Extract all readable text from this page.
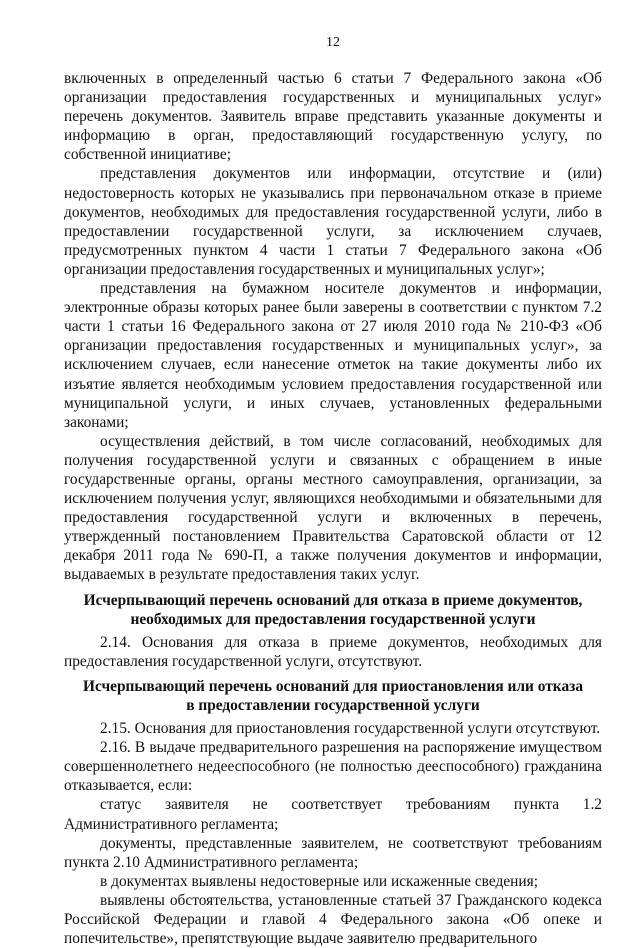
12

включенных в определенный частью 6 статьи 7 Федерального закона «Об организации предоставления государственных и муниципальных услуг» перечень документов. Заявитель вправе представить указанные документы и информацию в орган, предоставляющий государственную услугу, по собственной инициативе;

представления документов или информации, отсутствие и (или) недостоверность которых не указывались при первоначальном отказе в приеме документов, необходимых для предоставления государственной услуги, либо в предоставлении государственной услуги, за исключением случаев, предусмотренных пунктом 4 части 1 статьи 7 Федерального закона «Об организации предоставления государственных и муниципальных услуг»;

представления на бумажном носителе документов и информации, электронные образы которых ранее были заверены в соответствии с пунктом 7.2 части 1 статьи 16 Федерального закона от 27 июля 2010 года № 210-ФЗ «Об организации предоставления государственных и муниципальных услуг», за исключением случаев, если нанесение отметок на такие документы либо их изъятие является необходимым условием предоставления государственной или муниципальной услуги, и иных случаев, установленных федеральными законами;

осуществления действий, в том числе согласований, необходимых для получения государственной услуги и связанных с обращением в иные государственные органы, органы местного самоуправления, организации, за исключением получения услуг, являющихся необходимыми и обязательными для предоставления государственной услуги и включенных в перечень, утвержденный постановлением Правительства Саратовской области от 12 декабря 2011 года № 690-П, а также получения документов и информации, выдаваемых в результате предоставления таких услуг.

Исчерпывающий перечень оснований для отказа в приеме документов,
необходимых для предоставления государственной услуги

2.14. Основания для отказа в приеме документов, необходимых для предоставления государственной услуги, отсутствуют.

Исчерпывающий перечень оснований для приостановления или отказа
в предоставлении государственной услуги

2.15. Основания для приостановления государственной услуги отсутствуют.

2.16. В выдаче предварительного разрешения на распоряжение имуществом совершеннолетнего недееспособного (не полностью дееспособного) гражданина отказывается, если:

статус заявителя не соответствует требованиям пункта 1.2 Административного регламента;

документы, представленные заявителем, не соответствуют требованиям пункта 2.10 Административного регламента;

в документах выявлены недостоверные или искаженные сведения;

выявлены обстоятельства, установленные статьей 37 Гражданского кодекса Российской Федерации и главой 4 Федерального закона «Об опеке и попечительстве», препятствующие выдаче заявителю предварительного
